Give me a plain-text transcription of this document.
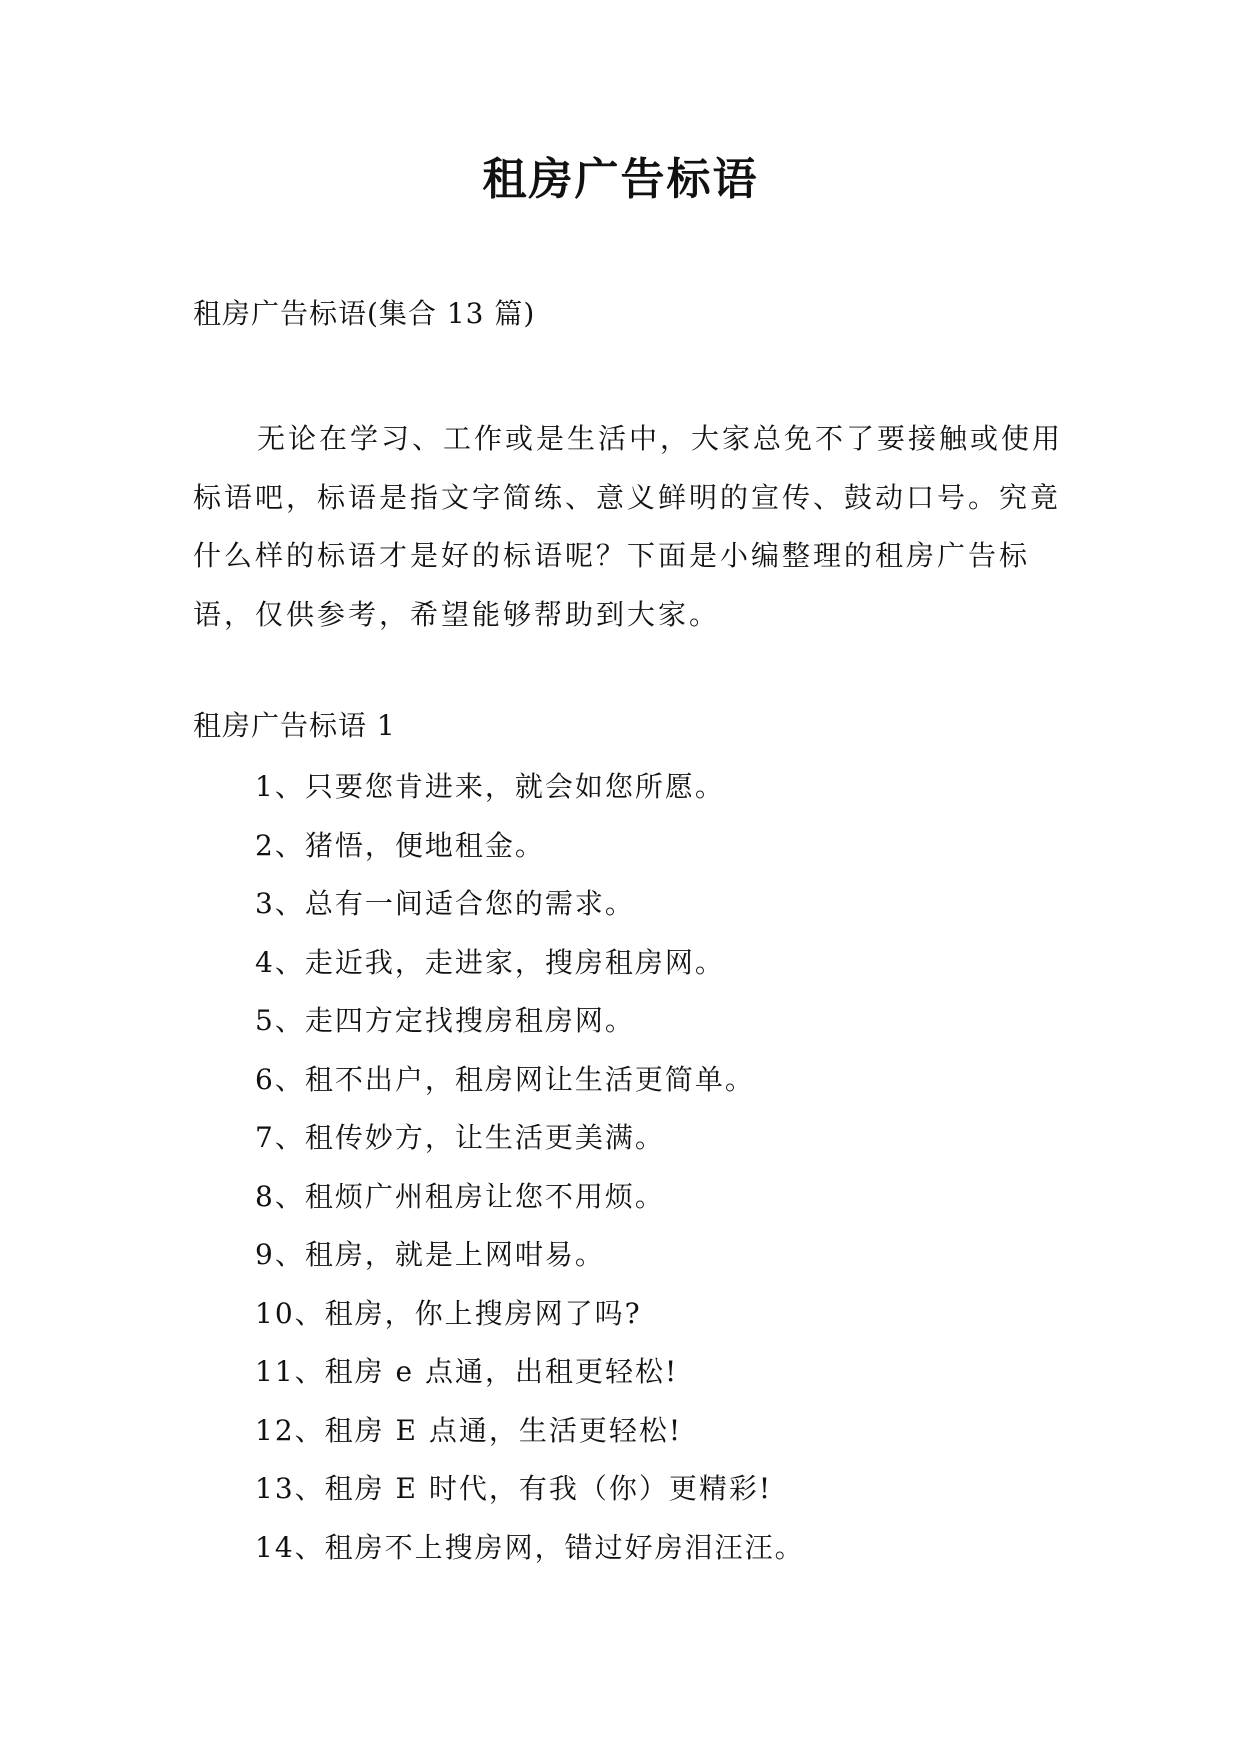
租房广告标语
租房广告标语(集合 13 篇)

无论在学习、工作或是生活中，大家总免不了要接触或使用标语吧，标语是指文字简练、意义鲜明的宣传、鼓动口号。究竟什么样的标语才是好的标语呢？下面是小编整理的租房广告标语，仅供参考，希望能够帮助到大家。

租房广告标语 1
1、只要您肯进来，就会如您所愿。
2、猪悟，便地租金。
3、总有一间适合您的需求。
4、走近我，走进家，搜房租房网。
5、走四方定找搜房租房网。
6、租不出户，租房网让生活更简单。
7、租传妙方，让生活更美满。
8、租烦广州租房让您不用烦。
9、租房，就是上网咁易。
10、租房，你上搜房网了吗?
11、租房 e 点通，出租更轻松!
12、租房 E 点通，生活更轻松!
13、租房 E 时代，有我（你）更精彩!
14、租房不上搜房网，错过好房泪汪汪。
